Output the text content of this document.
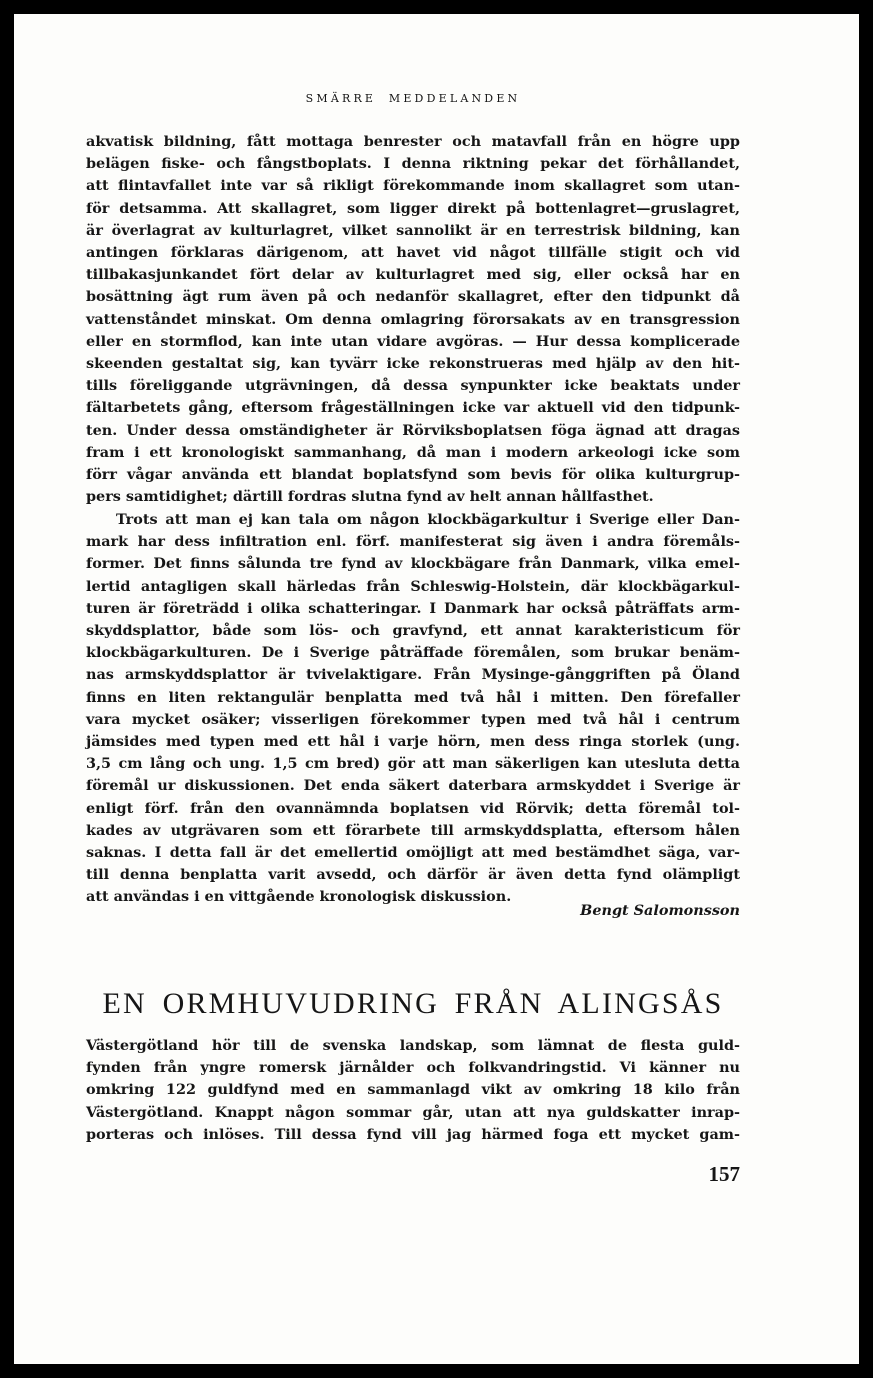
SMÄRRE MEDDELANDEN
akvatisk bildning, fått mottaga benrester och matavfall från en högre upp
belägen fiske- och fångstboplats. I denna riktning pekar det förhållandet,
att flintavfallet inte var så rikligt förekommande inom skallagret som utan-
för detsamma. Att skallagret, som ligger direkt på bottenlagret—gruslagret,
är överlagrat av kulturlagret, vilket sannolikt är en terrestrisk bildning, kan
antingen förklaras därigenom, att havet vid något tillfälle stigit och vid
tillbakasjunkandet fört delar av kulturlagret med sig, eller också har en
bosättning ägt rum även på och nedanför skallagret, efter den tidpunkt då
vattenståndet minskat. Om denna omlagring förorsakats av en transgression
eller en stormflod, kan inte utan vidare avgöras. — Hur dessa komplicerade
skeenden gestaltat sig, kan tyvärr icke rekonstrueras med hjälp av den hit-
tills föreliggande utgrävningen, då dessa synpunkter icke beaktats under
fältarbetets gång, eftersom frågeställningen icke var aktuell vid den tidpunk-
ten. Under dessa omständigheter är Rörviksboplatsen föga ägnad att dragas
fram i ett kronologiskt sammanhang, då man i modern arkeologi icke som
förr vågar använda ett blandat boplatsfynd som bevis för olika kulturgrup-
pers samtidighet; därtill fordras slutna fynd av helt annan hållfasthet.
Trots att man ej kan tala om någon klockbägarkultur i Sverige eller Dan-
mark har dess infiltration enl. förf. manifesterat sig även i andra föremåls-
former. Det finns sålunda tre fynd av klockbägare från Danmark, vilka emel-
lertid antagligen skall härledas från Schleswig-Holstein, där klockbägarkul-
turen är företrädd i olika schatteringar. I Danmark har också påträffats arm-
skyddsplattor, både som lös- och gravfynd, ett annat karakteristicum för
klockbägarkulturen. De i Sverige påträffade föremålen, som brukar benäm-
nas armskyddsplattor är tvivelaktigare. Från Mysinge-gånggriften på Öland
finns en liten rektangulär benplatta med två hål i mitten. Den förefaller
vara mycket osäker; visserligen förekommer typen med två hål i centrum
jämsides med typen med ett hål i varje hörn, men dess ringa storlek (ung.
3,5 cm lång och ung. 1,5 cm bred) gör att man säkerligen kan utesluta detta
föremål ur diskussionen. Det enda säkert daterbara armskyddet i Sverige är
enligt förf. från den ovannämnda boplatsen vid Rörvik; detta föremål tol-
kades av utgrävaren som ett förarbete till armskyddsplatta, eftersom hålen
saknas. I detta fall är det emellertid omöjligt att med bestämdhet säga, var-
till denna benplatta varit avsedd, och därför är även detta fynd olämpligt
att användas i en vittgående kronologisk diskussion.
Bengt Salomonsson
EN ORMHUVUDRING FRÅN ALINGSÅS
Västergötland hör till de svenska landskap, som lämnat de flesta guld-
fynden från yngre romersk järnålder och folkvandringstid. Vi känner nu
omkring 122 guldfynd med en sammanlagd vikt av omkring 18 kilo från
Västergötland. Knappt någon sommar går, utan att nya guldskatter inrap-
porteras och inlöses. Till dessa fynd vill jag härmed foga ett mycket gam-
157
